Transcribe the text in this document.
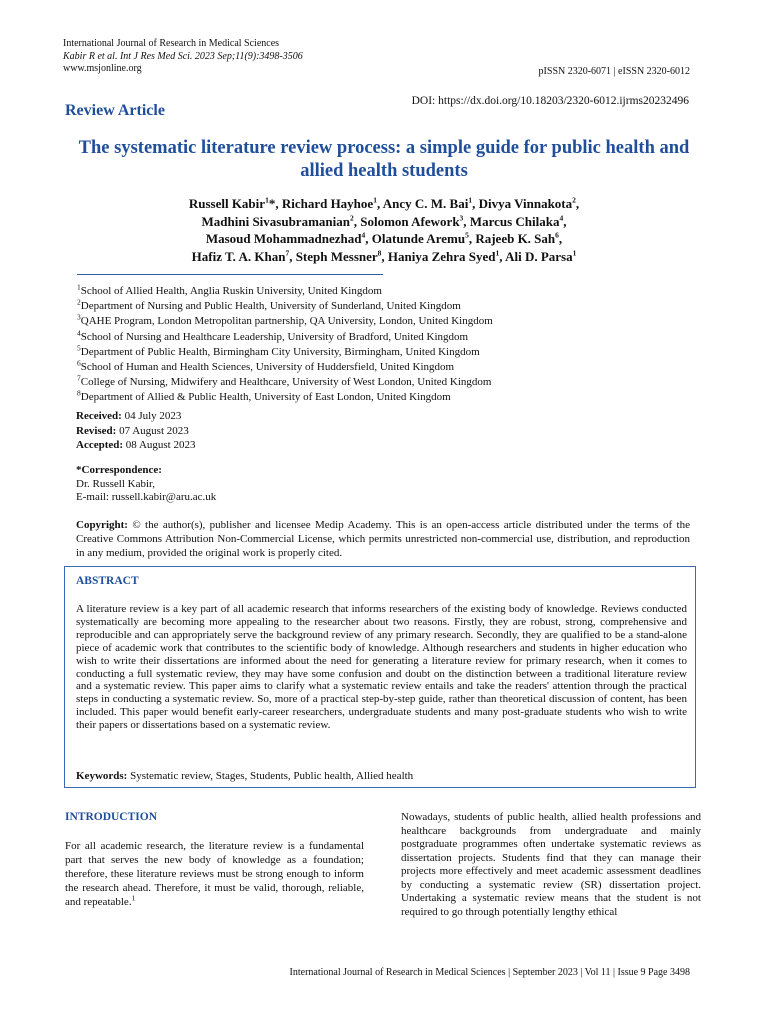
International Journal of Research in Medical Sciences
Kabir R et al. Int J Res Med Sci. 2023 Sep;11(9):3498-3506
www.msjonline.org	pISSN 2320-6071 | eISSN 2320-6012
Review Article
DOI: https://dx.doi.org/10.18203/2320-6012.ijrms20232496
The systematic literature review process: a simple guide for public health and allied health students
Russell Kabir$^1$*, Richard Hayhoe$^1$, Ancy C. M. Bai$^1$, Divya Vinnakota$^2$,
Madhini Sivasubramanian$^2$, Solomon Afework$^3$, Marcus Chilaka$^4$,
Masoud Mohammadnezhad$^4$, Olatunde Aremu$^5$, Rajeeb K. Sah$^6$,
Hafiz T. A. Khan$^7$, Steph Messner$^8$, Haniya Zehra Syed$^1$, Ali D. Parsa$^1$
$^1$School of Allied Health, Anglia Ruskin University, United Kingdom
$^2$Department of Nursing and Public Health, University of Sunderland, United Kingdom
$^3$QAHE Program, London Metropolitan partnership, QA University, London, United Kingdom
$^4$School of Nursing and Healthcare Leadership, University of Bradford, United Kingdom
$^5$Department of Public Health, Birmingham City University, Birmingham, United Kingdom
$^6$School of Human and Health Sciences, University of Huddersfield, United Kingdom
$^7$College of Nursing, Midwifery and Healthcare, University of West London, United Kingdom
$^8$Department of Allied & Public Health, University of East London, United Kingdom
Received: 04 July 2023
Revised: 07 August 2023
Accepted: 08 August 2023
*Correspondence:
Dr. Russell Kabir,
E-mail: russell.kabir@aru.ac.uk
Copyright: © the author(s), publisher and licensee Medip Academy. This is an open-access article distributed under the terms of the Creative Commons Attribution Non-Commercial License, which permits unrestricted non-commercial use, distribution, and reproduction in any medium, provided the original work is properly cited.
ABSTRACT
A literature review is a key part of all academic research that informs researchers of the existing body of knowledge. Reviews conducted systematically are becoming more appealing to the researcher about two reasons. Firstly, they are robust, strong, comprehensive and reproducible and can appropriately serve the background review of any primary research. Secondly, they are qualified to be a stand-alone piece of academic work that contributes to the scientific body of knowledge. Although researchers and students in higher education who wish to write their dissertations are informed about the need for generating a literature review for primary research, when it comes to conducting a full systematic review, they may have some confusion and doubt on the distinction between a traditional literature review and a systematic review. This paper aims to clarify what a systematic review entails and take the readers' attention through the practical steps in conducting a systematic review. So, more of a practical step-by-step guide, rather than theoretical discussion of content, has been included. This paper would benefit early-career researchers, undergraduate students and many post-graduate students who wish to write their papers or dissertations based on a systematic review.
Keywords: Systematic review, Stages, Students, Public health, Allied health
INTRODUCTION
For all academic research, the literature review is a fundamental part that serves the new body of knowledge as a foundation; therefore, these literature reviews must be strong enough to inform the research ahead. Therefore, it must be valid, thorough, reliable, and repeatable.$^1$
Nowadays, students of public health, allied health professions and healthcare backgrounds from undergraduate and mainly postgraduate programmes often undertake systematic reviews as dissertation projects. Students find that they can manage their projects more effectively and meet academic assessment deadlines by conducting a systematic review (SR) dissertation project. Undertaking a systematic review means that the student is not required to go through potentially lengthy ethical
International Journal of Research in Medical Sciences | September 2023 | Vol 11 | Issue 9 Page 3498
